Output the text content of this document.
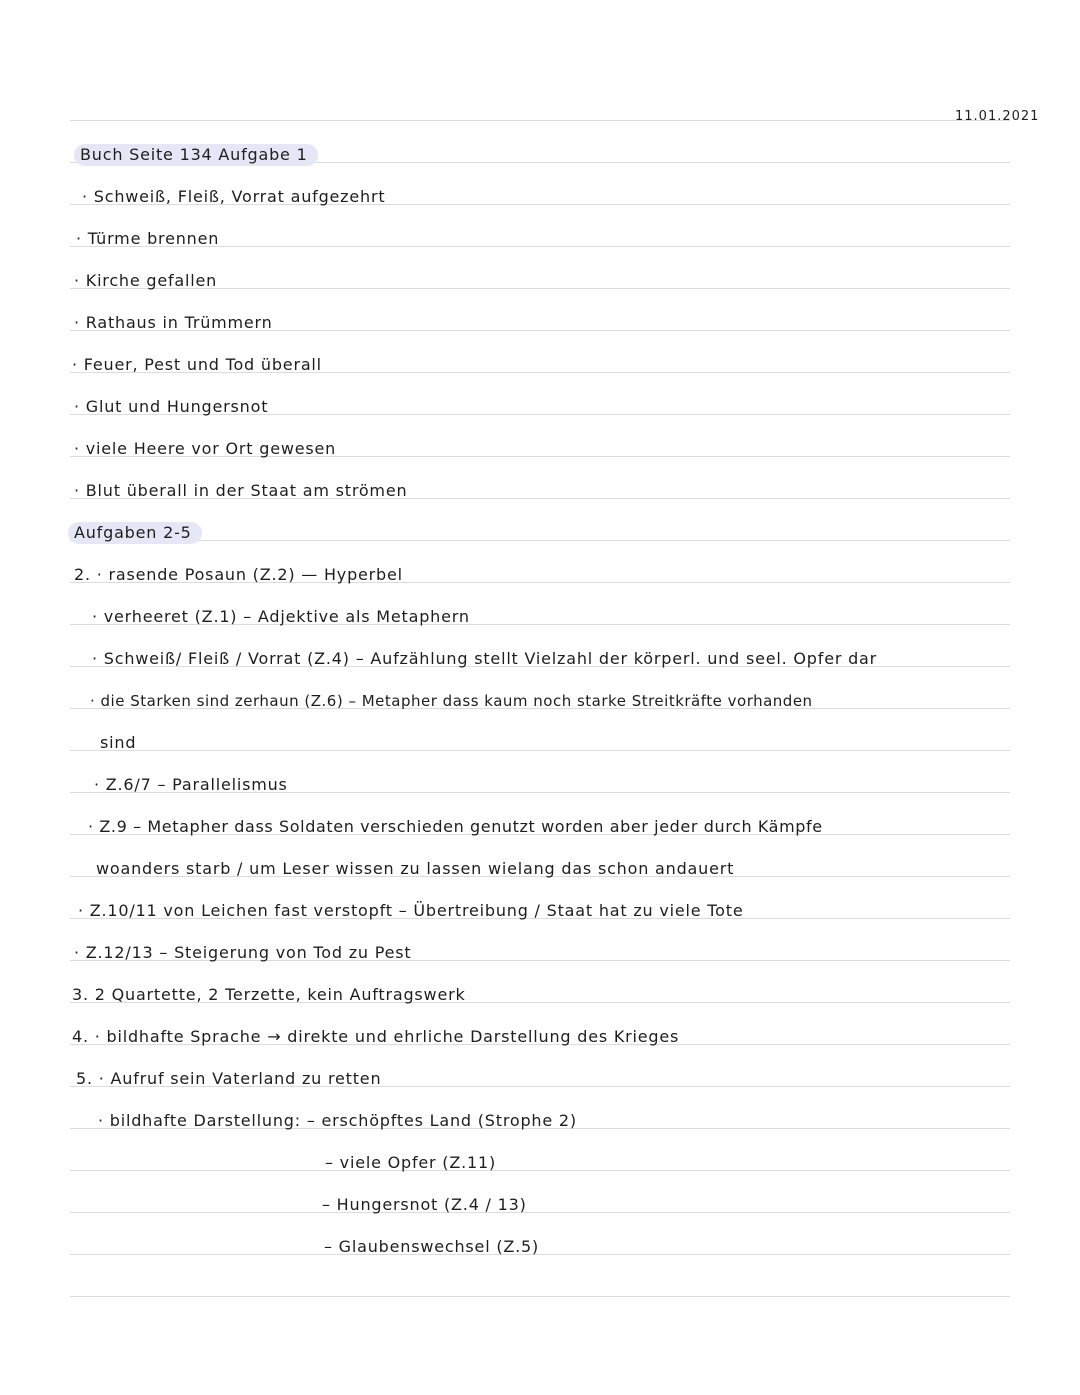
11.01.2021
Buch Seite 134 Aufgabe 1
· Schweiß, Fleiß, Vorrat aufgezehrt
· Türme brennen
· Kirche gefallen
· Rathaus in Trümmern
· Feuer, Pest und Tod überall
· Glut und Hungersnot
· viele Heere vor Ort gewesen
· Blut überall in der Staat am strömen
Aufgaben 2-5
2. · rasende Posaun (Z.2) — Hyperbel
· verheeret (Z.1) – Adjektive als Metaphern
· Schweiß/ Fleiß / Vorrat (Z.4) – Aufzählung stellt Vielzahl der körperl. und seel. Opfer dar
· die Starken sind zerhaun (Z.6) – Metapher dass kaum noch starke Streitkräfte vorhanden
sind
· Z.6/7 – Parallelismus
· Z.9 – Metapher dass Soldaten verschieden genutzt worden aber jeder durch Kämpfe
woanders starb / um Leser wissen zu lassen wielang das schon andauert
· Z.10/11 von Leichen fast verstopft – Übertreibung / Staat hat zu viele Tote
· Z.12/13 – Steigerung von Tod zu Pest
3. 2 Quartette, 2 Terzette, kein Auftragswerk
4. · bildhafte Sprache → direkte und ehrliche Darstellung des Krieges
5. · Aufruf sein Vaterland zu retten
· bildhafte Darstellung: – erschöpftes Land (Strophe 2)
– viele Opfer (Z.11)
– Hungersnot (Z.4 / 13)
– Glaubenswechsel (Z.5)
